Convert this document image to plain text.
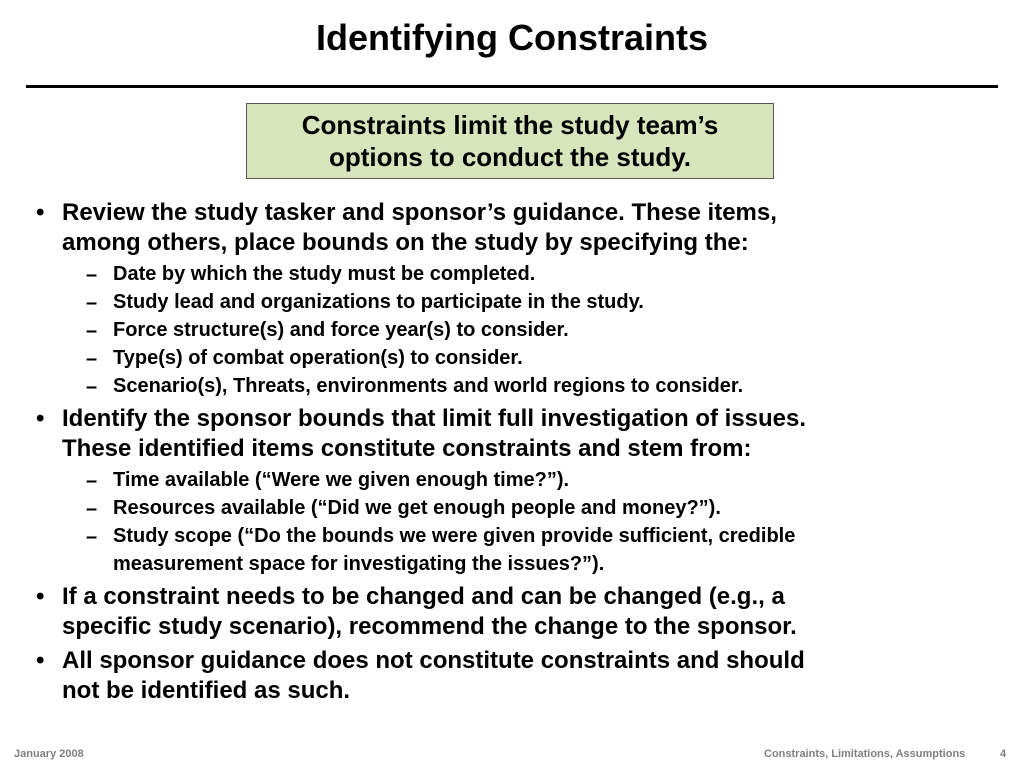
Identifying Constraints
Constraints limit the study team’s
options to conduct the study.
• Review the study tasker and sponsor’s guidance. These items,
among others, place bounds on the study by specifying the:
– Date by which the study must be completed.
– Study lead and organizations to participate in the study.
– Force structure(s) and force year(s) to consider.
– Type(s) of combat operation(s) to consider.
– Scenario(s), Threats, environments and world regions to consider.
• Identify the sponsor bounds that limit full investigation of issues.
These identified items constitute constraints and stem from:
– Time available (“Were we given enough time?”).
– Resources available (“Did we get enough people and money?”).
– Study scope (“Do the bounds we were given provide sufficient, credible
measurement space for investigating the issues?”).
• If a constraint needs to be changed and can be changed (e.g., a
specific study scenario), recommend the change to the sponsor.
• All sponsor guidance does not constitute constraints and should
not be identified as such.
January 2008	Constraints, Limitations, Assumptions	4
